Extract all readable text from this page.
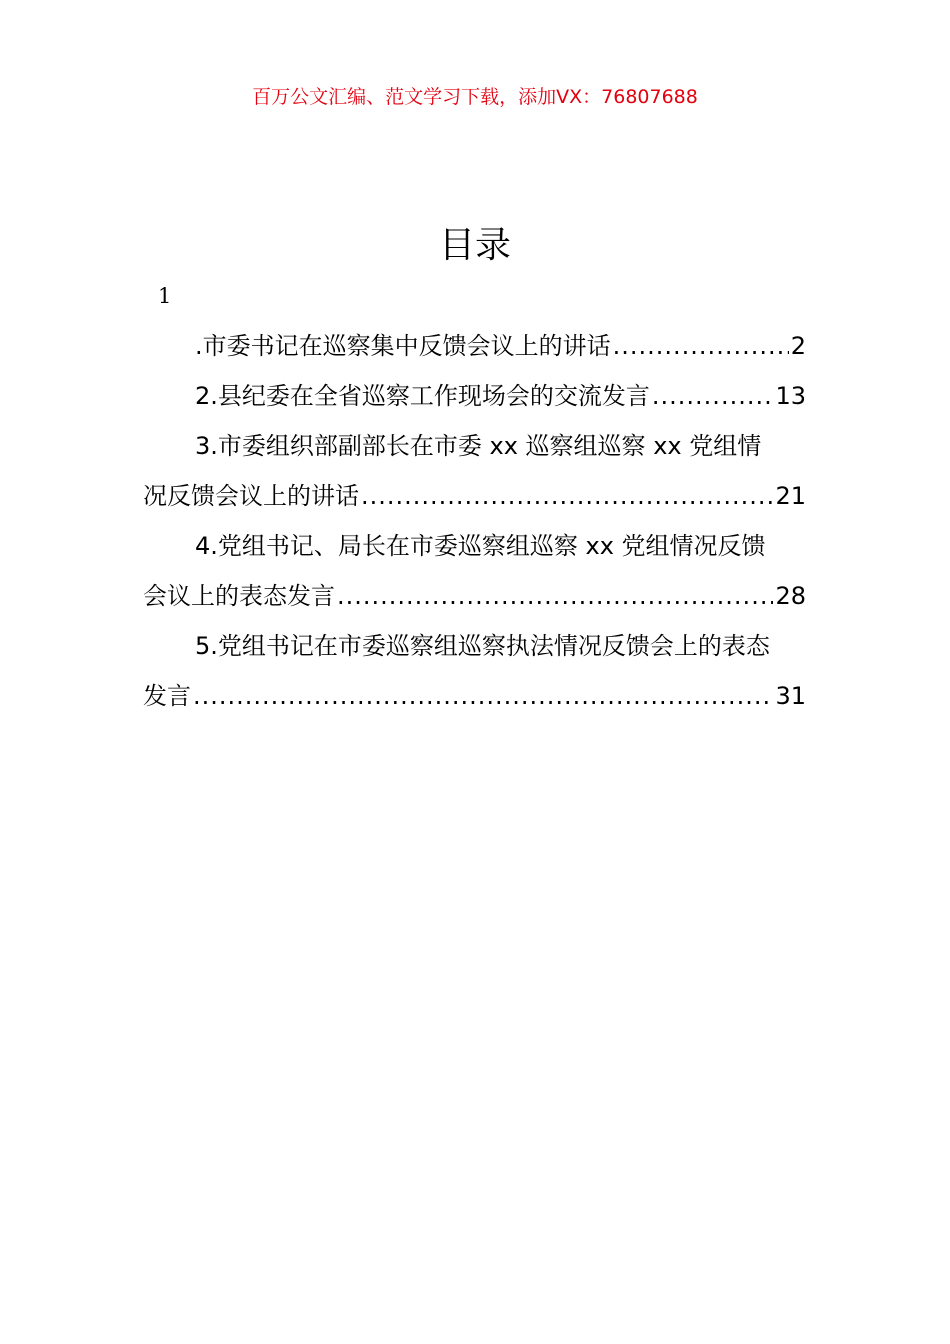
百万公文汇编、范文学习下载，添加VX：76807688
目录
1
.市委书记在巡察集中反馈会议上的讲话 .....	2
2.县纪委在全省巡察工作现场会的交流发言 .....	13
3.市委组织部副部长在市委 xx 巡察组巡察 xx 党组情
况反馈会议上的讲话 .....	21
4.党组书记、局长在市委巡察组巡察 xx 党组情况反馈
会议上的表态发言 .....	28
5.党组书记在市委巡察组巡察执法情况反馈会上的表态
发言 .....	31
